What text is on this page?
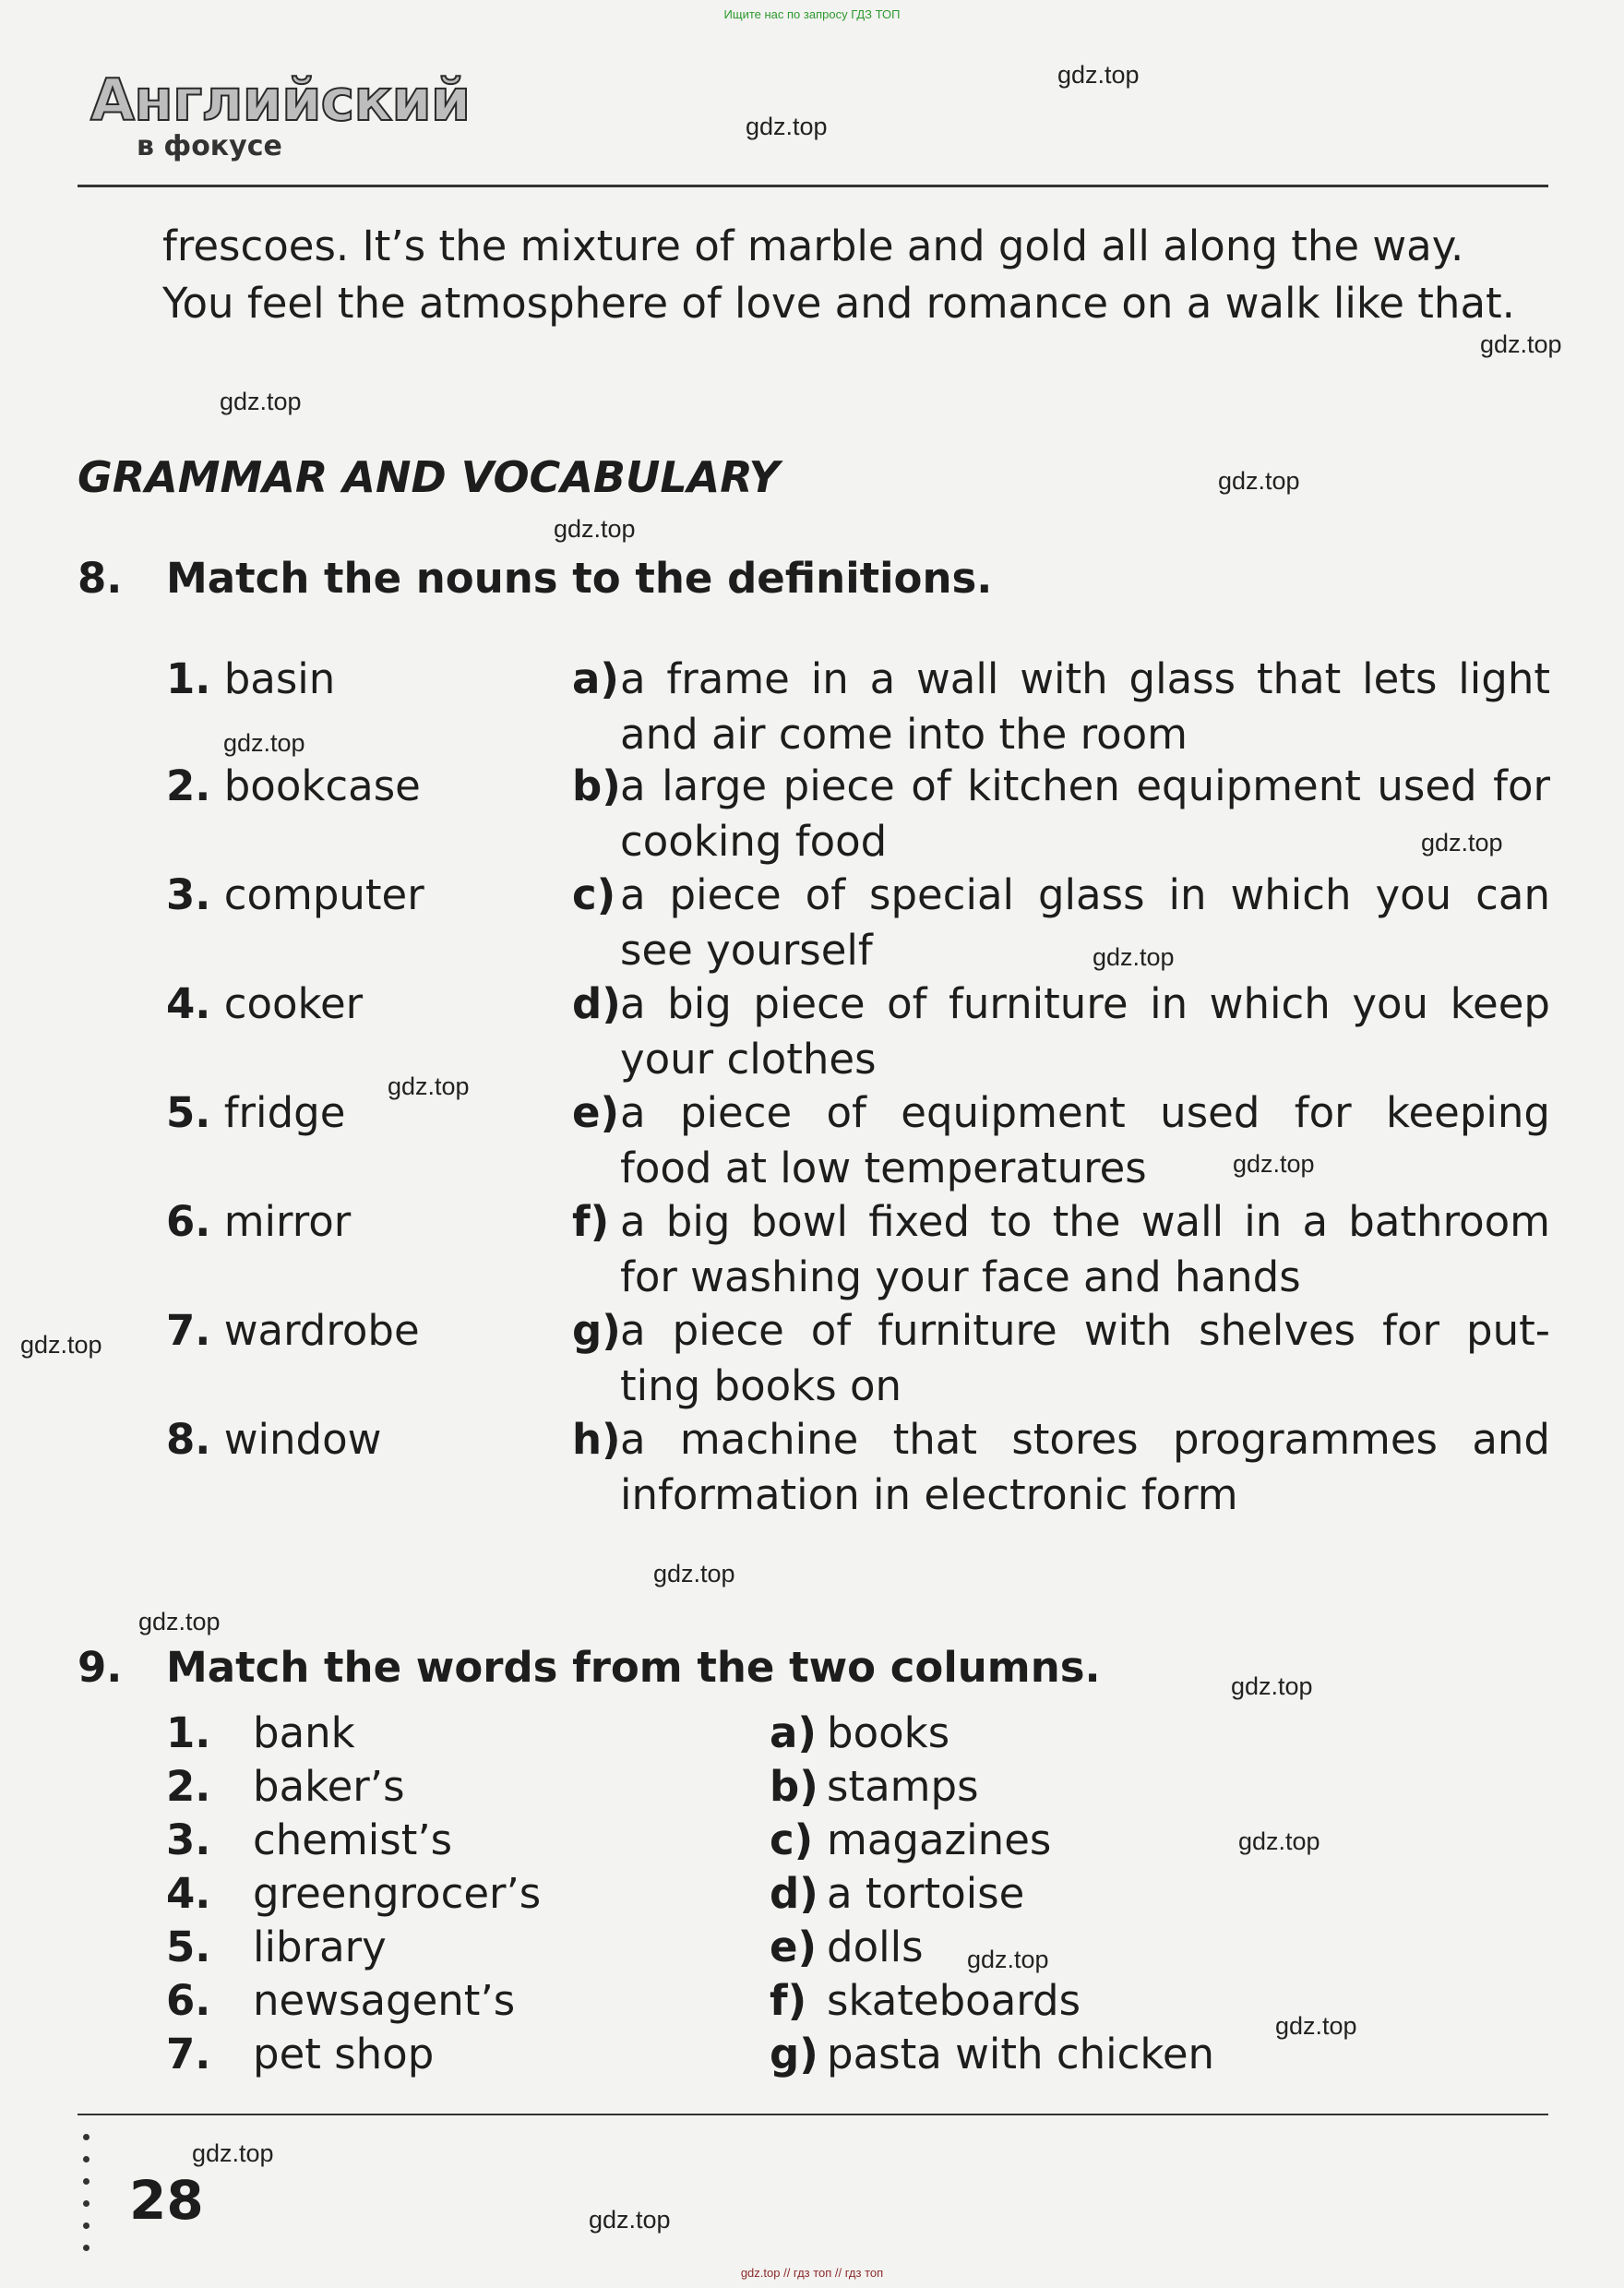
Ищите нас по запросу ГДЗ ТОП
Английский
в фокусе
gdz.top
gdz.top
gdz.top
gdz.top
gdz.top
gdz.top
gdz.top
gdz.top
gdz.top
gdz.top
gdz.top
gdz.top
gdz.top
gdz.top
gdz.top
gdz.top
gdz.top
gdz.top
gdz.top
gdz.top
frescoes. It’s the mixture of marble and gold all along the way. You feel the atmosphere of love and romance on a walk like that.
GRAMMAR AND VOCABULARY
8. Match the nouns to the definitions.
1. basin
2. bookcase
3. computer
4. cooker
5. fridge
6. mirror
7. wardrobe
8. window
a) a frame in a wall with glass that lets light
and air come into the room
b) a large piece of kitchen equipment used for
cooking food
c) a piece of special glass in which you can
see yourself
d) a big piece of furniture in which you keep
your clothes
e) a piece of equipment used for keeping
food at low temperatures
f) a big bowl fixed to the wall in a bathroom
for washing your face and hands
g) a piece of furniture with shelves for put-
ting books on
h) a machine that stores programmes and
information in electronic form
9. Match the words from the two columns.
1. bank
2. baker’s
3. chemist’s
4. greengrocer’s
5. library
6. newsagent’s
7. pet shop
a) books
b) stamps
c) magazines
d) a tortoise
e) dolls
f) skateboards
g) pasta with chicken
28
gdz.top // гдз топ // гдз топ
